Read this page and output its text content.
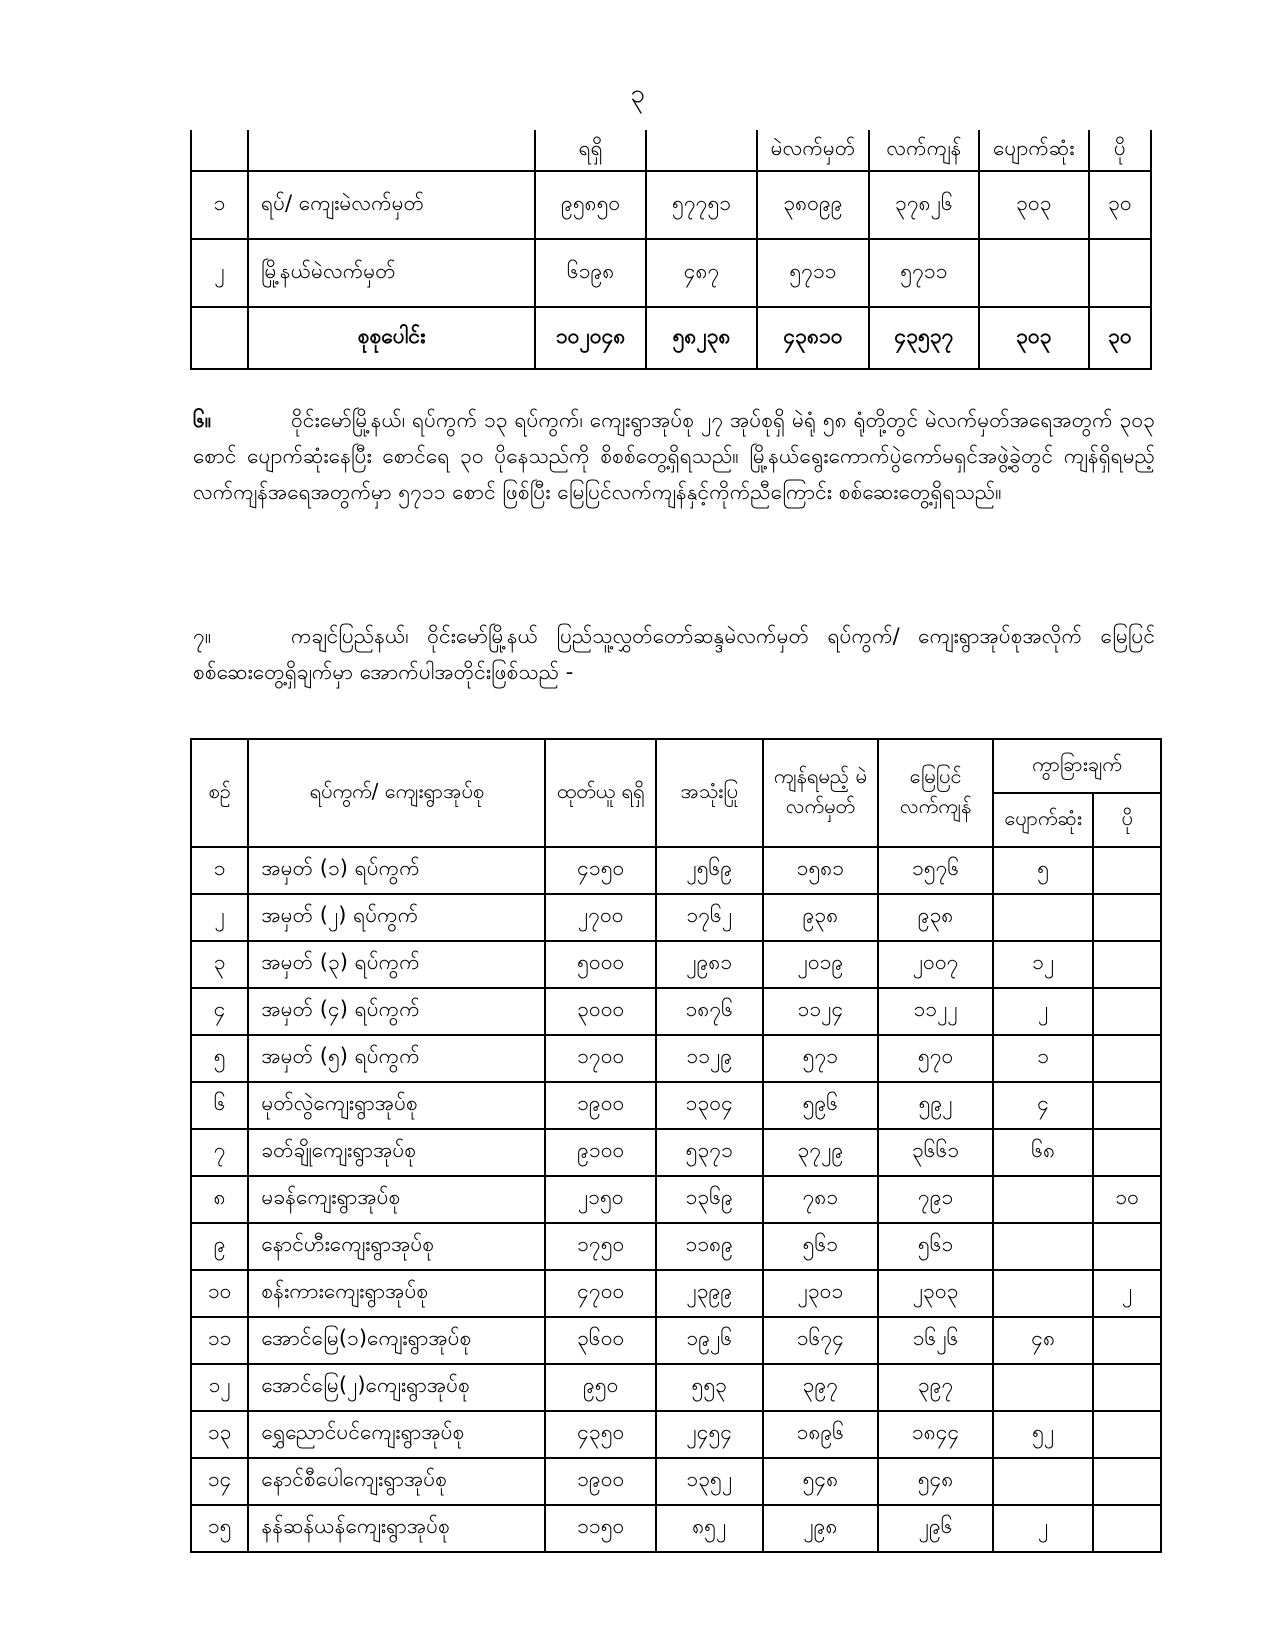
၃
		ရရှိ		မဲလက်မှတ်	လက်ကျန်	ပျောက်ဆုံး	ပို
၁	ရပ်/ ကျေးမဲလက်မှတ်	၉၅၈၅၀	၅၇၇၅၁	၃၈၀၉၉	၃၇၈၂၆	၃၀၃	၃၀
၂	မြို့နယ်မဲလက်မှတ်	၆၁၉၈	၄၈၇	၅၇၁၁	၅၇၁၁		
	စုစုပေါင်း	၁၀၂၀၄၈	၅၈၂၃၈	၄၃၈၁၀	၄၃၅၃၇	၃၀၃	၃၀
၆။	ဝိုင်းမော်မြို့နယ်၊ ရပ်ကွက် ၁၃ ရပ်ကွက်၊ ကျေးရွာအုပ်စု ၂၇ အုပ်စုရှိ မဲရုံ ၅၈ ရုံတို့တွင် မဲလက်မှတ်အရေအတွက် ၃၀၃ စောင် ပျောက်ဆုံးနေပြီး စောင်ရေ ၃၀ ပိုနေသည်ကို စိစစ်တွေ့ရှိရသည်။ မြို့နယ်ရွေးကောက်ပွဲကော်မရှင်အဖွဲ့ခွဲတွင် ကျန်ရှိရမည့် လက်ကျန်အရေအတွက်မှာ ၅၇၁၁ စောင် ဖြစ်ပြီး မြေပြင်လက်ကျန်နှင့်ကိုက်ညီကြောင်း စစ်ဆေးတွေ့ရှိရသည်။
၇။	ကချင်ပြည်နယ်၊ ဝိုင်းမော်မြို့နယ် ပြည်သူ့လွှတ်တော်ဆန္ဒမဲလက်မှတ် ရပ်ကွက်/ ကျေးရွာအုပ်စုအလိုက် မြေပြင်စစ်ဆေးတွေ့ရှိချက်မှာ အောက်ပါအတိုင်းဖြစ်သည် -
စဉ်	ရပ်ကွက်/ ကျေးရွာအုပ်စု	ထုတ်ယူ ရရှိ	အသုံးပြု	ကျန်ရမည့် မဲလက်မှတ်	မြေပြင် လက်ကျန်	ကွာခြားချက်	
						ပျောက်ဆုံး	ပို
၁	အမှတ် (၁) ရပ်ကွက်	၄၁၅၀	၂၅၆၉	၁၅၈၁	၁၅၇၆	၅	
၂	အမှတ် (၂) ရပ်ကွက်	၂၇၀၀	၁၇၆၂	၉၃၈	၉၃၈		
၃	အမှတ် (၃) ရပ်ကွက်	၅၀၀၀	၂၉၈၁	၂၀၁၉	၂၀၀၇	၁၂	
၄	အမှတ် (၄) ရပ်ကွက်	၃၀၀၀	၁၈၇၆	၁၁၂၄	၁၁၂၂	၂	
၅	အမှတ် (၅) ရပ်ကွက်	၁၇၀၀	၁၁၂၉	၅၇၁	၅၇၀	၁	
၆	မုတ်လွဲကျေးရွာအုပ်စု	၁၉၀၀	၁၃၀၄	၅၉၆	၅၉၂	၄	
၇	ခတ်ချိုကျေးရွာအုပ်စု	၉၁၀၀	၅၃၇၁	၃၇၂၉	၃၆၆၁	၆၈	
၈	မခန်ကျေးရွာအုပ်စု	၂၁၅၀	၁၃၆၉	၇၈၁	၇၉၁		၁၀
၉	နောင်ဟီးကျေးရွာအုပ်စု	၁၇၅၀	၁၁၈၉	၅၆၁	၅၆၁		
၁၀	စန်းကားကျေးရွာအုပ်စု	၄၇၀၀	၂၃၉၉	၂၃၀၁	၂၃၀၃		၂
၁၁	အောင်မြေ(၁)ကျေးရွာအုပ်စု	၃၆၀၀	၁၉၂၆	၁၆၇၄	၁၆၂၆	၄၈	
၁၂	အောင်မြေ(၂)ကျေးရွာအုပ်စု	၉၅၀	၅၅၃	၃၉၇	၃၉၇		
၁၃	ရွှေညောင်ပင်ကျေးရွာအုပ်စု	၄၃၅၀	၂၄၅၄	၁၈၉၆	၁၈၄၄	၅၂	
၁၄	နောင်စီပေါကျေးရွာအုပ်စု	၁၉၀၀	၁၃၅၂	၅၄၈	၅၄၈		
၁၅	နန်ဆန်ယန်ကျေးရွာအုပ်စု	၁၁၅၀	၈၅၂	၂၉၈	၂၉၆	၂	
